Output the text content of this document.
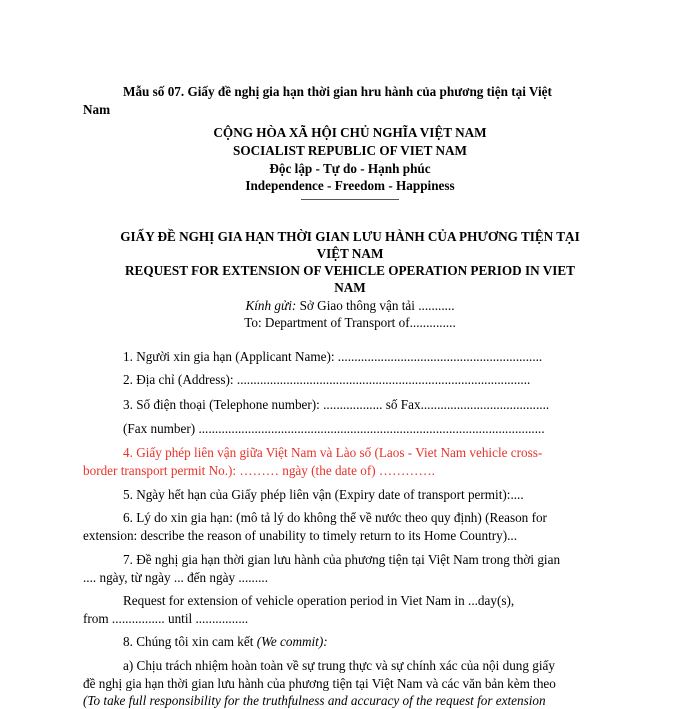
Mẫu số 07. Giấy đề nghị gia hạn thời gian hru hành của phương tiện tại Việt
Nam
CỘNG HÒA XÃ HỘI CHỦ NGHĨA VIỆT NAM
SOCIALIST REPUBLIC OF VIET NAM
Độc lập - Tự do - Hạnh phúc
Independence - Freedom - Happiness
---------------
GIẤY ĐỀ NGHỊ GIA HẠN THỜI GIAN LƯU HÀNH CỦA PHƯƠNG TIỆN TẠI
VIỆT NAM
REQUEST FOR EXTENSION OF VEHICLE OPERATION PERIOD IN VIET
NAM
Kính gửi: Sở Giao thông vận tải ...........
To: Department of Transport of..............
1. Người xin gia hạn (Applicant Name): ..............................................................
2. Địa chỉ (Address): .........................................................................................
3. Số điện thoại (Telephone number): .................. số Fax.......................................
(Fax number) .........................................................................................................
4. Giấy phép liên vận giữa Việt Nam và Lào số (Laos - Viet Nam vehicle cross-
border transport permit No.): ……… ngày (the date of) ………….
5. Ngày hết hạn của Giấy phép liên vận (Expiry date of transport permit):....
6. Lý do xin gia hạn: (mô tả lý do không thể về nước theo quy định) (Reason for
extension: describe the reason of unability to timely return to its Home Country)...
7. Đề nghị gia hạn thời gian lưu hành của phương tiện tại Việt Nam trong thời gian
.... ngày, từ ngày ... đến ngày .........
Request for extension of vehicle operation period in Viet Nam in ...day(s),
from ................ until ................
8. Chúng tôi xin cam kết (We commit):
a) Chịu trách nhiệm hoàn toàn về sự trung thực và sự chính xác của nội dung giấy
đề nghị gia hạn thời gian lưu hành của phương tiện tại Việt Nam và các văn bản kèm theo
(To take full responsibility for the truthfulness and accuracy of the request for extension
